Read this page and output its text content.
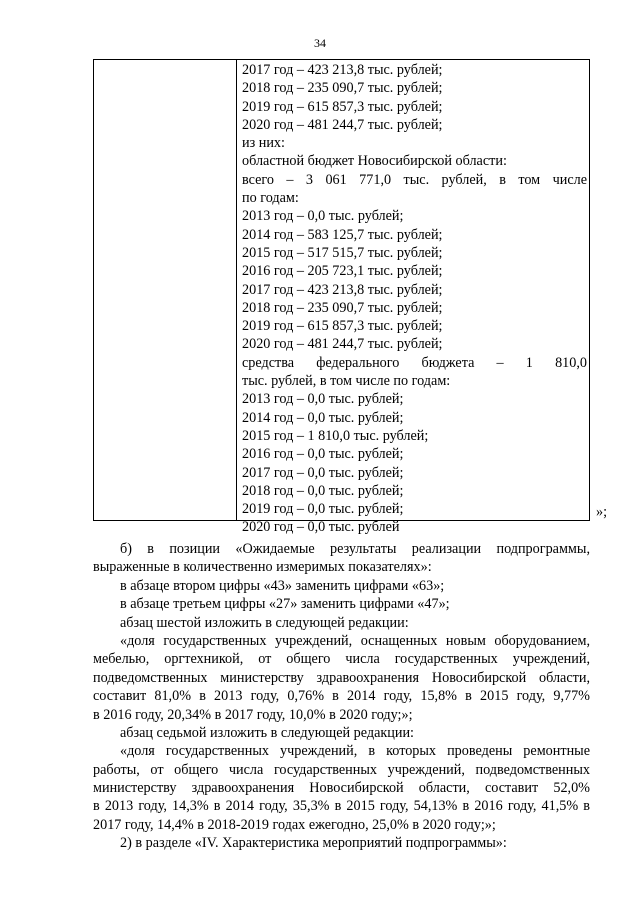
34
2017 год – 423 213,8 тыс. рублей;
2018 год – 235 090,7 тыс. рублей;
2019 год – 615 857,3 тыс. рублей;
2020 год – 481 244,7 тыс. рублей;
из них:
областной бюджет Новосибирской области:
всего – 3 061 771,0 тыс. рублей, в том числе
по годам:
2013 год – 0,0 тыс. рублей;
2014 год – 583 125,7 тыс. рублей;
2015 год – 517 515,7 тыс. рублей;
2016 год – 205 723,1 тыс. рублей;
2017 год – 423 213,8 тыс. рублей;
2018 год – 235 090,7 тыс. рублей;
2019 год – 615 857,3 тыс. рублей;
2020 год – 481 244,7 тыс. рублей;
средства федерального бюджета – 1 810,0
тыс. рублей, в том числе по годам:
2013 год – 0,0 тыс. рублей;
2014 год – 0,0 тыс. рублей;
2015 год – 1 810,0 тыс. рублей;
2016 год – 0,0 тыс. рублей;
2017 год – 0,0 тыс. рублей;
2018 год – 0,0 тыс. рублей;
2019 год – 0,0 тыс. рублей;
2020 год – 0,0 тыс. рублей
»;
б) в позиции «Ожидаемые результаты реализации подпрограммы,
выраженные в количественно измеримых показателях»:
в абзаце втором цифры «43» заменить цифрами «63»;
в абзаце третьем цифры «27» заменить цифрами «47»;
абзац шестой изложить в следующей редакции:
«доля государственных учреждений, оснащенных новым оборудованием,
мебелью, оргтехникой, от общего числа государственных учреждений,
подведомственных министерству здравоохранения Новосибирской области,
составит 81,0% в 2013 году, 0,76% в 2014 году, 15,8% в 2015 году, 9,77%
в 2016 году, 20,34% в 2017 году, 10,0% в 2020 году;»;
абзац седьмой изложить в следующей редакции:
«доля государственных учреждений, в которых проведены ремонтные
работы, от общего числа государственных учреждений, подведомственных
министерству здравоохранения Новосибирской области, составит 52,0%
в 2013 году, 14,3% в 2014 году, 35,3% в 2015 году, 54,13% в 2016 году, 41,5% в
2017 году, 14,4% в 2018-2019 годах ежегодно, 25,0% в 2020 году;»;
2) в разделе «IV. Характеристика мероприятий подпрограммы»:
